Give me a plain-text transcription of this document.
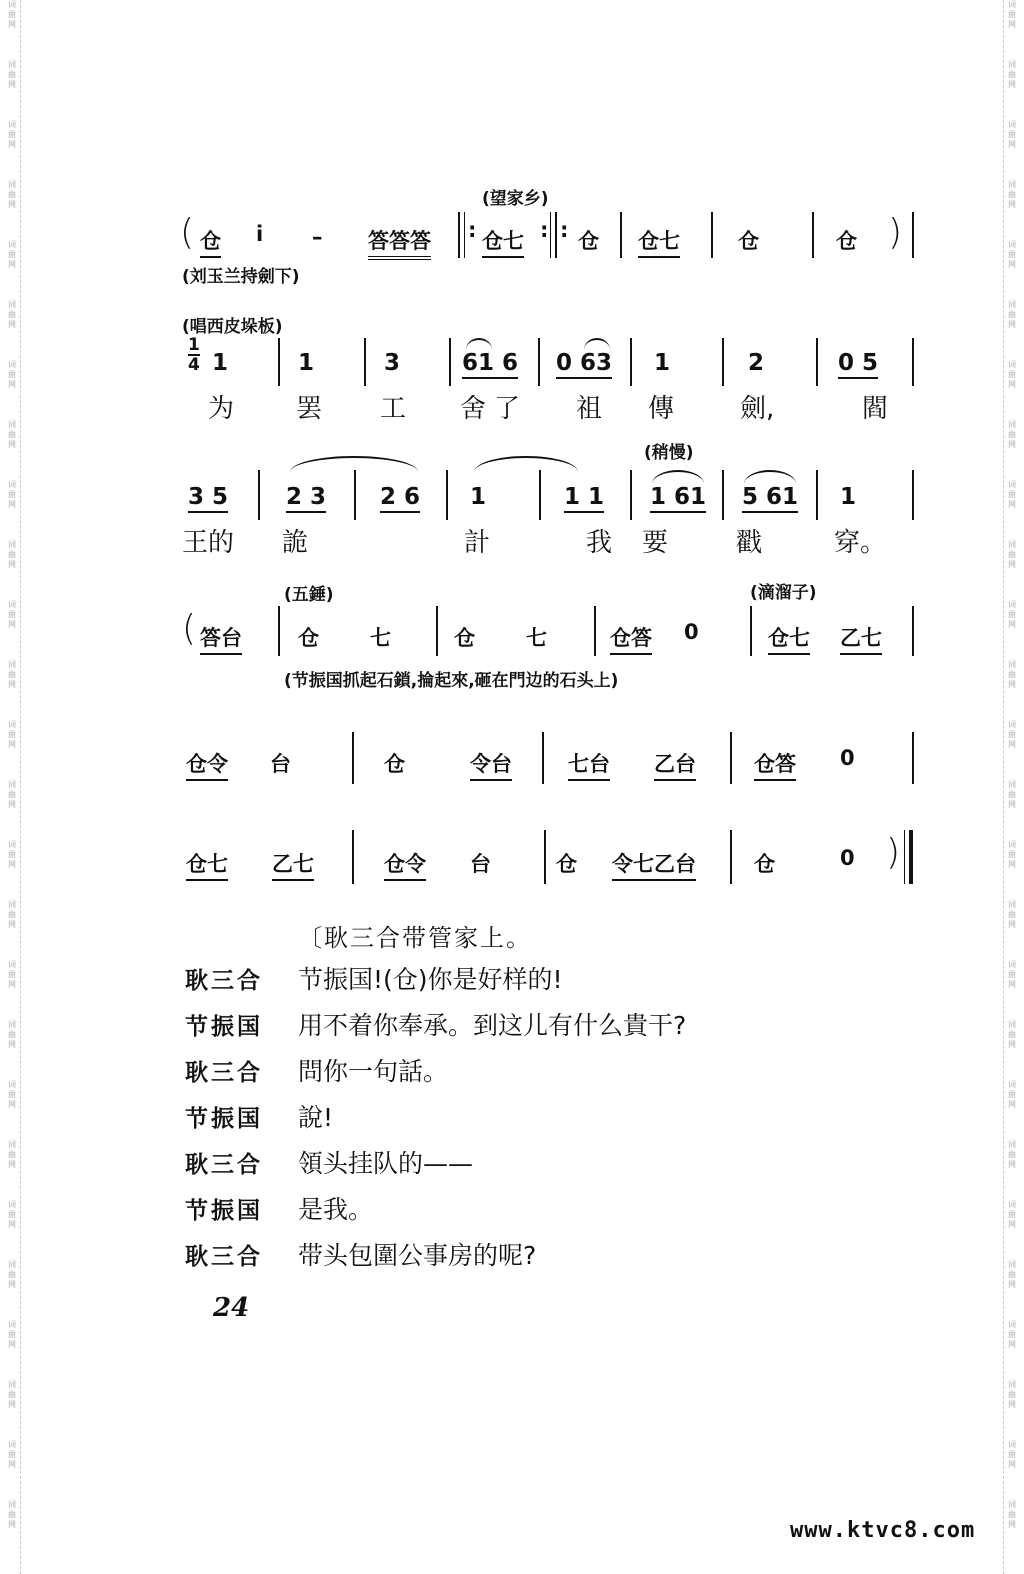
词
曲
网
词
曲
网
词
曲
网
词
曲
网
词
曲
网
词
曲
网
词
曲
网
词
曲
网
词
曲
网
词
曲
网
词
曲
网
词
曲
网
词
曲
网
词
曲
网
词
曲
网
词
曲
网
词
曲
网
词
曲
网
词
曲
网
词
曲
网
词
曲
网
词
曲
网
词
曲
网
词
曲
网
词
曲
网
词
曲
网
词
曲
网
词
曲
网
词
曲
网
词
曲
网
词
曲
网
词
曲
网
词
曲
网
词
曲
网
词
曲
网
词
曲
网
词
曲
网
词
曲
网
词
曲
网
词
曲
网
词
曲
网
词
曲
网
词
曲
网
词
曲
网
词
曲
网
词
曲
网
词
曲
网
词
曲
网
词
曲
网
词
曲
网
词
曲
网
词
曲
网
(望家乡)
( 仓 i – 答答答 : 仓七 : : 仓 仓七	仓	仓 )
(刘玉兰持劍下)
(唱西皮垛板)
1
4 1	1	3	61 6 0 63 1	2	0 5
为 罢 工 舍 了 祖 傳	劍,	閻
(稍慢)
3 5	2 3 2 6 1	1 1 1 61 5 61 1
王的 詭	計	我 要	戳	穿。
(五錘)	(滴溜子)
( 答台	仓 七	仓 七	仓答 0	仓七 乙七
(节振国抓起石鎖,掄起來,砸在門边的石头上)
仓令 台	仓	令台	七台 乙台	仓答 0
仓七 乙七	仓令 台	仓 令七乙台	仓	0 )
〔耿三合带管家上。
耿三合 节振国!(仓)你是好样的!
节振国 用不着你奉承。到这儿有什么貴干?
耿三合 問你一句話。
节振国 說!
耿三合 領头挂队的——
节振国 是我。
耿三合 带头包圍公事房的呢?
24
www.ktvc8.com
